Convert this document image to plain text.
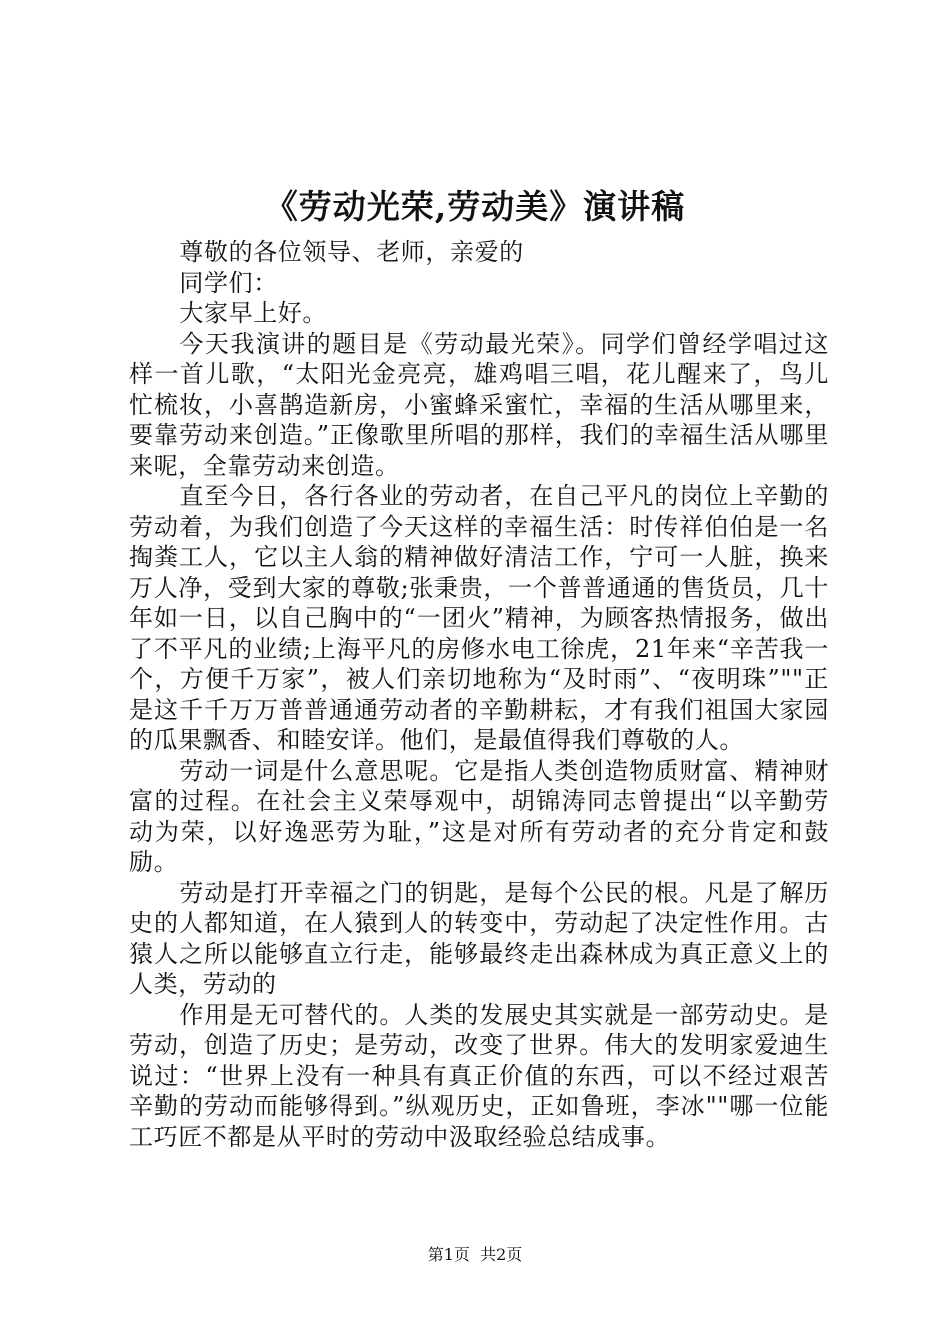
《劳动光荣,劳动美》演讲稿

尊敬的各位领导、老师，亲爱的

同学们：

大家早上好。

今天我演讲的题目是《劳动最光荣》。同学们曾经学唱过这样一首儿歌，“太阳光金亮亮，雄鸡唱三唱，花儿醒来了，鸟儿忙梳妆，小喜鹊造新房，小蜜蜂采蜜忙，幸福的生活从哪里来，要靠劳动来创造。”正像歌里所唱的那样，我们的幸福生活从哪里来呢，全靠劳动来创造。

直至今日，各行各业的劳动者，在自己平凡的岗位上辛勤的劳动着，为我们创造了今天这样的幸福生活：时传祥伯伯是一名掏粪工人，它以主人翁的精神做好清洁工作，宁可一人脏，换来万人净，受到大家的尊敬;张秉贵，一个普普通通的售货员，几十年如一日，以自己胸中的“一团火”精神，为顾客热情报务，做出了不平凡的业绩;上海平凡的房修水电工徐虎，21年来“辛苦我一个，方便千万家”，被人们亲切地称为“及时雨”、“夜明珠”""正是这千千万万普普通通劳动者的辛勤耕耘，才有我们祖国大家园的瓜果飘香、和睦安详。他们，是最值得我们尊敬的人。

劳动一词是什么意思呢。它是指人类创造物质财富、精神财富的过程。在社会主义荣辱观中，胡锦涛同志曾提出“以辛勤劳动为荣，以好逸恶劳为耻，”这是对所有劳动者的充分肯定和鼓励。

劳动是打开幸福之门的钥匙，是每个公民的根。凡是了解历史的人都知道，在人猿到人的转变中，劳动起了决定性作用。古猿人之所以能够直立行走，能够最终走出森林成为真正意义上的人类，劳动的

作用是无可替代的。人类的发展史其实就是一部劳动史。是劳动，创造了历史；是劳动，改变了世界。伟大的发明家爱迪生说过：“世界上没有一种具有真正价值的东西，可以不经过艰苦辛勤的劳动而能够得到。”纵观历史，正如鲁班，李冰""哪一位能工巧匠不都是从平时的劳动中汲取经验总结成事。

第1页  共2页
